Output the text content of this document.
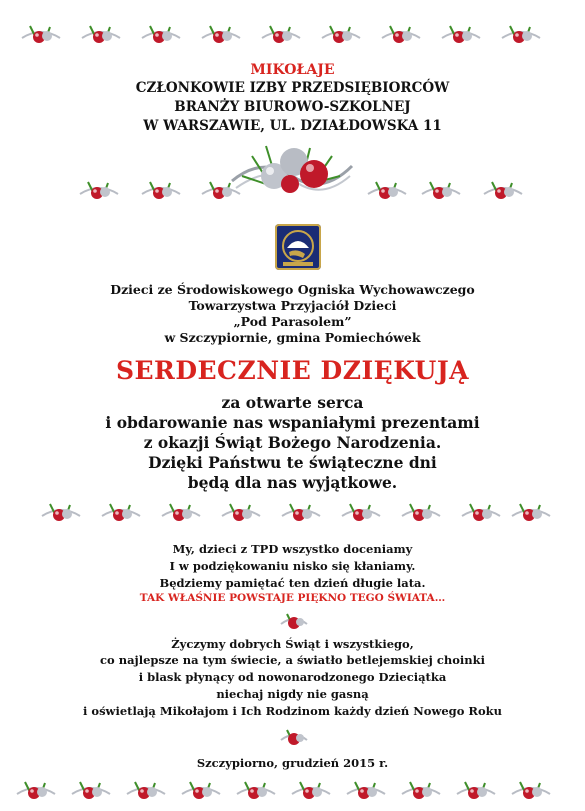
MIKOŁAJE
CZŁONKOWIE IZBY PRZEDSIĘBIORCÓW
BRANŻY BIUROWO-SZKOLNEJ
W WARSZAWIE, UL. DZIAŁDOWSKA 11
Dzieci ze Środowiskowego Ogniska Wychowawczego
Towarzystwa Przyjaciół Dzieci
„Pod Parasolem”
w Szczypiornie, gmina Pomiechówek
SERDECZNIE DZIĘKUJĄ
za otwarte serca
i obdarowanie nas wspaniałymi prezentami
z okazji Świąt Bożego Narodzenia.
Dzięki Państwu te świąteczne dni
będą dla nas wyjątkowe.
My, dzieci z TPD wszystko doceniamy
I w podziękowaniu nisko się kłaniamy.
Będziemy pamiętać ten dzień długie lata.
TAK WŁAŚNIE POWSTAJE PIĘKNO TEGO ŚWIATA…
Życzymy dobrych Świąt i wszystkiego,
co najlepsze na tym świecie, a światło betlejemskiej choinki
i blask płynący od nowonarodzonego Dzieciątka
niechaj nigdy nie gasną
i oświetlają Mikołajom i Ich Rodzinom każdy dzień Nowego Roku
Szczypiorno, grudzień 2015 r.
